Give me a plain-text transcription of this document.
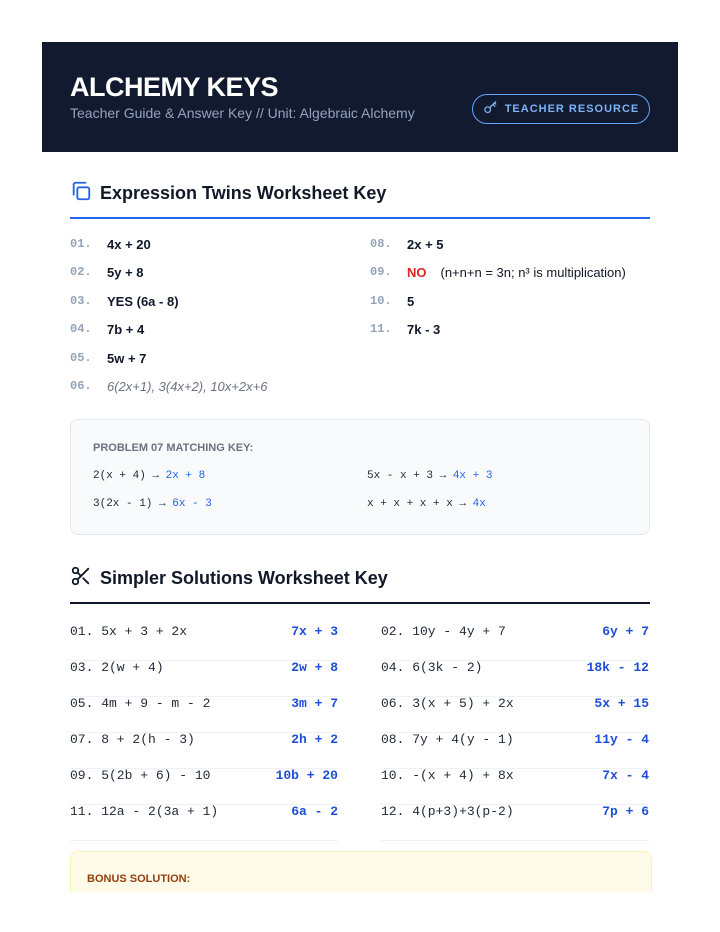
ALCHEMY KEYS
Teacher Guide & Answer Key // Unit: Algebraic Alchemy	TEACHER RESOURCE
Expression Twins Worksheet Key
01.	4x + 20
02.	5y + 8
03.	YES (6a - 8)
04.	7b + 4
05.	5w + 7
06.	6(2x+1), 3(4x+2), 10x+2x+6
08.	2x + 5
09.	NO (n+n+n = 3n; n³ is multiplication)
10.	5
11.	7k - 3
PROBLEM 07 MATCHING KEY:
2(x + 4) → 2x + 8	5x - x + 3 → 4x + 3
3(2x - 1) → 6x - 3	x + x + x + x → 4x
Simpler Solutions Worksheet Key
01. 5x + 3 + 2x	7x + 3	02. 10y - 4y + 7	6y + 7
03. 2(w + 4)	2w + 8	04. 6(3k - 2)	18k - 12
05. 4m + 9 - m - 2	3m + 7	06. 3(x + 5) + 2x	5x + 15
07. 8 + 2(h - 3)	2h + 2	08. 7y + 4(y - 1)	11y - 4
09. 5(2b + 6) - 10	10b + 20	10. -(x + 4) + 8x	7x - 4
11. 12a - 2(3a + 1)	6a - 2	12. 4(p+3)+3(p-2)	7p + 6
BONUS SOLUTION:
